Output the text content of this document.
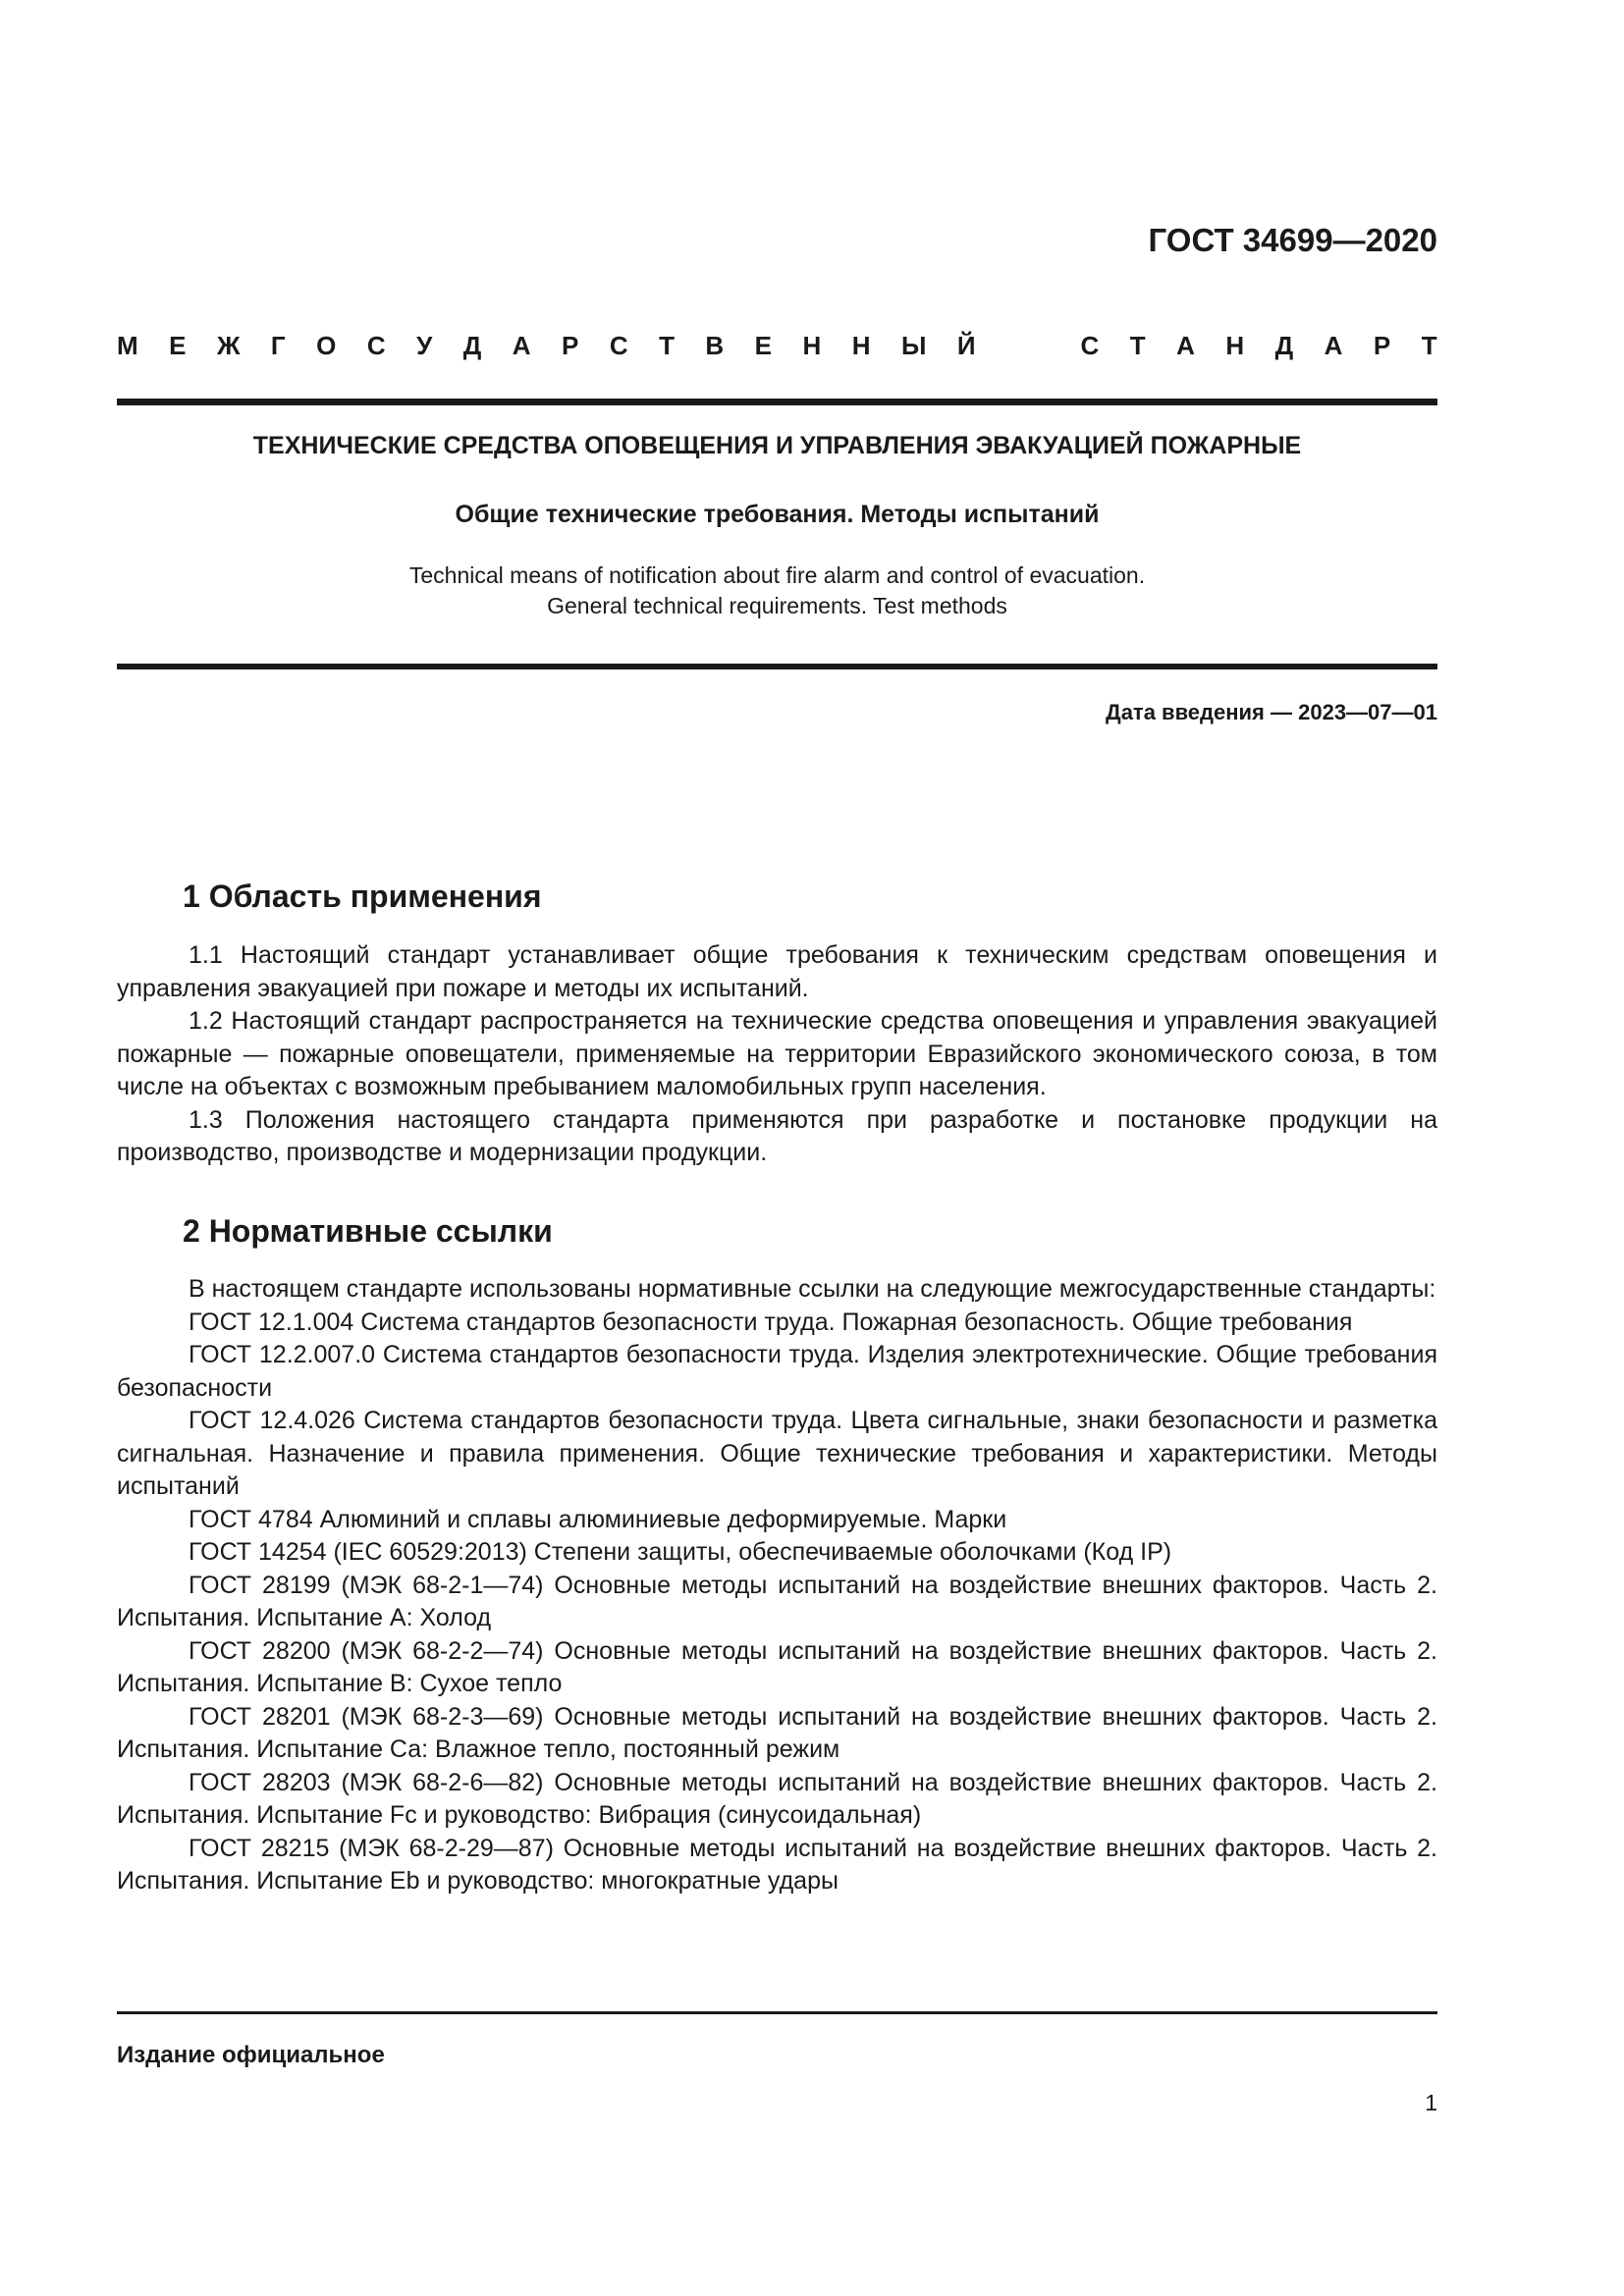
ГОСТ 34699—2020

М Е Ж Г О С У Д А Р С Т В Е Н Н Ы Й	С Т А Н Д А Р Т

ТЕХНИЧЕСКИЕ СРЕДСТВА ОПОВЕЩЕНИЯ И УПРАВЛЕНИЯ ЭВАКУАЦИЕЙ ПОЖАРНЫЕ

Общие технические требования. Методы испытаний

Technical means of notification about fire alarm and control of evacuation.
General technical requirements. Test methods

Дата введения — 2023—07—01

1 Область применения

1.1 Настоящий стандарт устанавливает общие требования к техническим средствам оповещения и управления эвакуацией при пожаре и методы их испытаний.

1.2 Настоящий стандарт распространяется на технические средства оповещения и управления эвакуацией пожарные — пожарные оповещатели, применяемые на территории Евразийского экономического союза, в том числе на объектах с возможным пребыванием маломобильных групп населения.

1.3 Положения настоящего стандарта применяются при разработке и постановке продукции на производство, производстве и модернизации продукции.

2 Нормативные ссылки

В настоящем стандарте использованы нормативные ссылки на следующие межгосударственные стандарты:

ГОСТ 12.1.004 Система стандартов безопасности труда. Пожарная безопасность. Общие требования

ГОСТ 12.2.007.0 Система стандартов безопасности труда. Изделия электротехнические. Общие требования безопасности

ГОСТ 12.4.026 Система стандартов безопасности труда. Цвета сигнальные, знаки безопасности и разметка сигнальная. Назначение и правила применения. Общие технические требования и характеристики. Методы испытаний

ГОСТ 4784 Алюминий и сплавы алюминиевые деформируемые. Марки

ГОСТ 14254 (IEC 60529:2013) Степени защиты, обеспечиваемые оболочками (Код IP)

ГОСТ 28199 (МЭК 68-2-1—74) Основные методы испытаний на воздействие внешних факторов. Часть 2. Испытания. Испытание А: Холод

ГОСТ 28200 (МЭК 68-2-2—74) Основные методы испытаний на воздействие внешних факторов. Часть 2. Испытания. Испытание В: Сухое тепло

ГОСТ 28201 (МЭК 68-2-3—69) Основные методы испытаний на воздействие внешних факторов. Часть 2. Испытания. Испытание Са: Влажное тепло, постоянный режим

ГОСТ 28203 (МЭК 68-2-6—82) Основные методы испытаний на воздействие внешних факторов. Часть 2. Испытания. Испытание Fc и руководство: Вибрация (синусоидальная)

ГОСТ 28215 (МЭК 68-2-29—87) Основные методы испытаний на воздействие внешних факторов. Часть 2. Испытания. Испытание Eb и руководство: многократные удары

Издание официальное

1
